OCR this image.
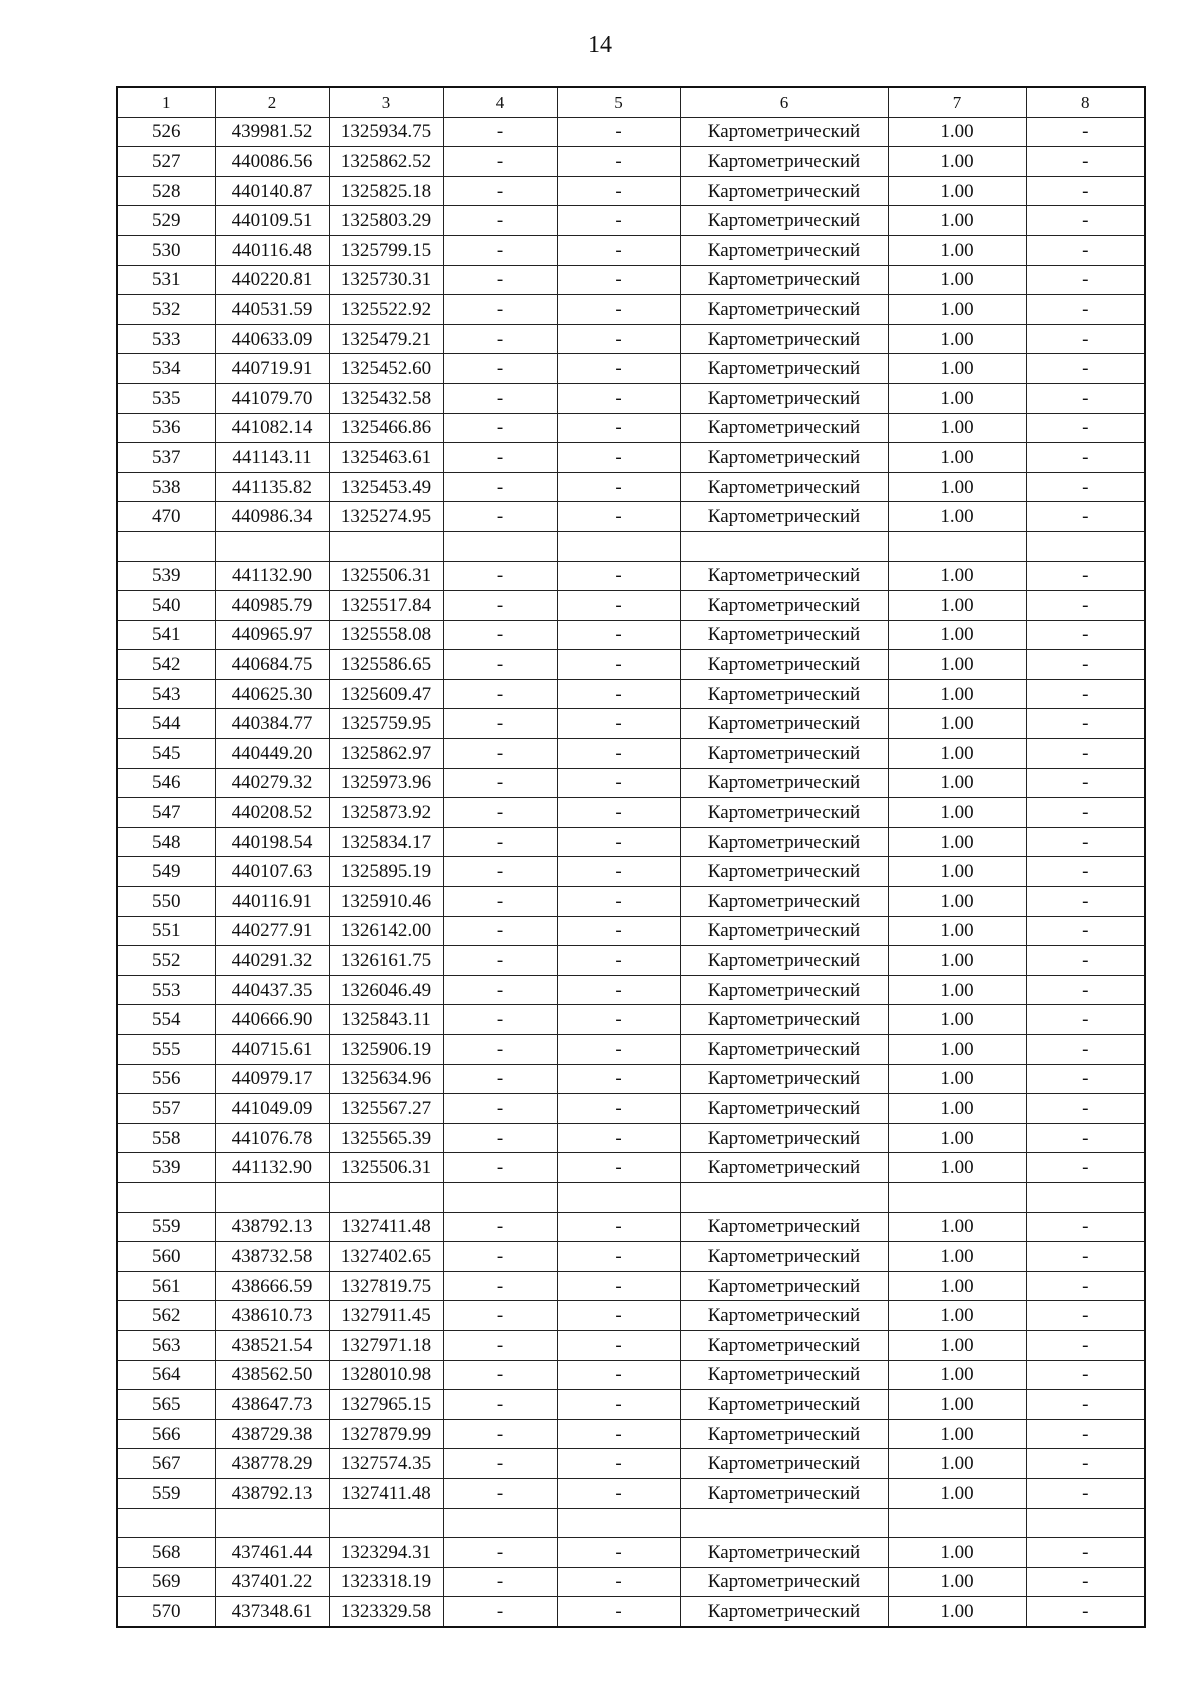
14
1	2	3	4	5	6	7	8
526	439981.52	1325934.75	-	-	Картометрический	1.00	-
527	440086.56	1325862.52	-	-	Картометрический	1.00	-
528	440140.87	1325825.18	-	-	Картометрический	1.00	-
529	440109.51	1325803.29	-	-	Картометрический	1.00	-
530	440116.48	1325799.15	-	-	Картометрический	1.00	-
531	440220.81	1325730.31	-	-	Картометрический	1.00	-
532	440531.59	1325522.92	-	-	Картометрический	1.00	-
533	440633.09	1325479.21	-	-	Картометрический	1.00	-
534	440719.91	1325452.60	-	-	Картометрический	1.00	-
535	441079.70	1325432.58	-	-	Картометрический	1.00	-
536	441082.14	1325466.86	-	-	Картометрический	1.00	-
537	441143.11	1325463.61	-	-	Картометрический	1.00	-
538	441135.82	1325453.49	-	-	Картометрический	1.00	-
470	440986.34	1325274.95	-	-	Картометрический	1.00	-

539	441132.90	1325506.31	-	-	Картометрический	1.00	-
540	440985.79	1325517.84	-	-	Картометрический	1.00	-
541	440965.97	1325558.08	-	-	Картометрический	1.00	-
542	440684.75	1325586.65	-	-	Картометрический	1.00	-
543	440625.30	1325609.47	-	-	Картометрический	1.00	-
544	440384.77	1325759.95	-	-	Картометрический	1.00	-
545	440449.20	1325862.97	-	-	Картометрический	1.00	-
546	440279.32	1325973.96	-	-	Картометрический	1.00	-
547	440208.52	1325873.92	-	-	Картометрический	1.00	-
548	440198.54	1325834.17	-	-	Картометрический	1.00	-
549	440107.63	1325895.19	-	-	Картометрический	1.00	-
550	440116.91	1325910.46	-	-	Картометрический	1.00	-
551	440277.91	1326142.00	-	-	Картометрический	1.00	-
552	440291.32	1326161.75	-	-	Картометрический	1.00	-
553	440437.35	1326046.49	-	-	Картометрический	1.00	-
554	440666.90	1325843.11	-	-	Картометрический	1.00	-
555	440715.61	1325906.19	-	-	Картометрический	1.00	-
556	440979.17	1325634.96	-	-	Картометрический	1.00	-
557	441049.09	1325567.27	-	-	Картометрический	1.00	-
558	441076.78	1325565.39	-	-	Картометрический	1.00	-
539	441132.90	1325506.31	-	-	Картометрический	1.00	-

559	438792.13	1327411.48	-	-	Картометрический	1.00	-
560	438732.58	1327402.65	-	-	Картометрический	1.00	-
561	438666.59	1327819.75	-	-	Картометрический	1.00	-
562	438610.73	1327911.45	-	-	Картометрический	1.00	-
563	438521.54	1327971.18	-	-	Картометрический	1.00	-
564	438562.50	1328010.98	-	-	Картометрический	1.00	-
565	438647.73	1327965.15	-	-	Картометрический	1.00	-
566	438729.38	1327879.99	-	-	Картометрический	1.00	-
567	438778.29	1327574.35	-	-	Картометрический	1.00	-
559	438792.13	1327411.48	-	-	Картометрический	1.00	-

568	437461.44	1323294.31	-	-	Картометрический	1.00	-
569	437401.22	1323318.19	-	-	Картометрический	1.00	-
570	437348.61	1323329.58	-	-	Картометрический	1.00	-
